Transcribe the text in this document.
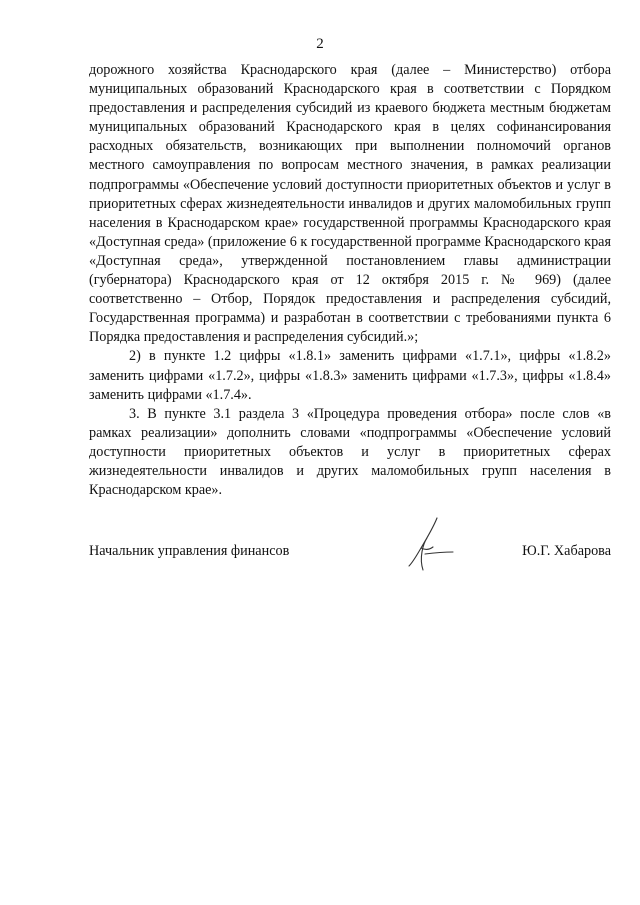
2

дорожного хозяйства Краснодарского края (далее – Министерство) отбора муниципальных образований Краснодарского края в соответствии с Порядком предоставления и распределения субсидий из краевого бюджета местным бюджетам муниципальных образований Краснодарского края в целях софинансирования расходных обязательств, возникающих при выполнении полномочий органов местного самоуправления по вопросам местного значения, в рамках реализации подпрограммы «Обеспечение условий доступности приоритетных объектов и услуг в приоритетных сферах жизнедеятельности инвалидов и других маломобильных групп населения в Краснодарском крае» государственной программы Краснодарского края «Доступная среда» (приложение 6 к государственной программе Краснодарского края «Доступная среда», утвержденной постановлением главы администрации (губернатора) Краснодарского края от 12 октября 2015 г. № 969) (далее соответственно – Отбор, Порядок предоставления и распределения субсидий, Государственная программа) и разработан в соответствии с требованиями пункта 6 Порядка предоставления и распределения субсидий.»;

2) в пункте 1.2 цифры «1.8.1» заменить цифрами «1.7.1», цифры «1.8.2» заменить цифрами «1.7.2», цифры «1.8.3» заменить цифрами «1.7.3», цифры «1.8.4» заменить цифрами «1.7.4».

3. В пункте 3.1 раздела 3 «Процедура проведения отбора» после слов «в рамках реализации» дополнить словами «подпрограммы «Обеспечение условий доступности приоритетных объектов и услуг в приоритетных сферах жизнедеятельности инвалидов и других маломобильных групп населения в Краснодарском крае».

Начальник управления финансов	Ю.Г. Хабарова
